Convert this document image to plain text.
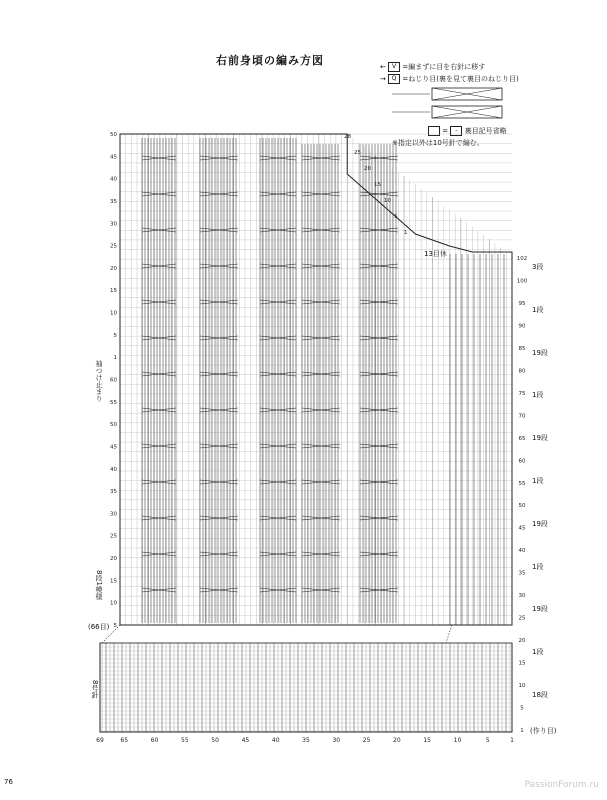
右前身頃の編み方図	← V =編まずに目を右針に移す
→ Q =ねじり目(裏を見て裏目のねじり目)
= - 裏目記号省略
※指定以外は10号針で編む。
69	65	60	55	50	45	40	35	30	25	20	15	10	5	1
50
45
40
35
30
25
20
15
10
5
1
60
55
50
45
40
35
30
25
20
15
10
5
102
100
95
90
85
80
75
70
65
60
55
50
45
40
35
30
25
20
15
10
5
1
28
25
20
15
10
5
1
13目休
袖つけ止まり
8段1模様
(66目)
8号針
(作り目)
3段
1段
19段
1段
19段
1段
19段
1段
19段
1段
18段
76	PassionForum.ru
